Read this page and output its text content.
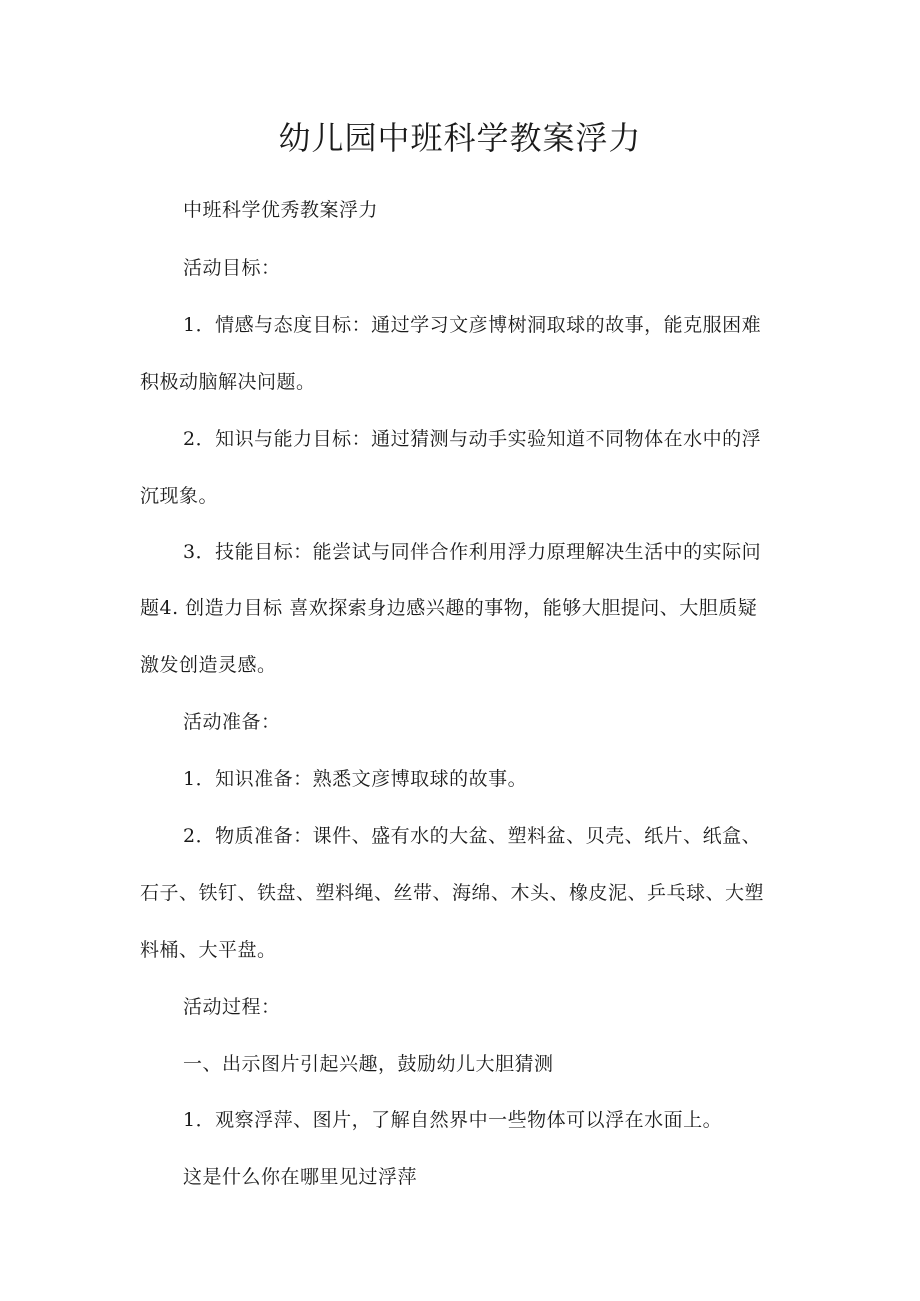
幼儿园中班科学教案浮力

中班科学优秀教案浮力

活动目标：

1．情感与态度目标：通过学习文彦博树洞取球的故事，能克服困难

积极动脑解决问题。

2．知识与能力目标：通过猜测与动手实验知道不同物体在水中的浮

沉现象。

3．技能目标：能尝试与同伴合作利用浮力原理解决生活中的实际问

题4. 创造力目标 喜欢探索身边感兴趣的事物，能够大胆提问、大胆质疑

激发创造灵感。

活动准备：

1．知识准备：熟悉文彦博取球的故事。

2．物质准备：课件、盛有水的大盆、塑料盆、贝壳、纸片、纸盒、

石子、铁钉、铁盘、塑料绳、丝带、海绵、木头、橡皮泥、乒乓球、大塑

料桶、大平盘。

活动过程：

一、出示图片引起兴趣，鼓励幼儿大胆猜测

1．观察浮萍、图片，了解自然界中一些物体可以浮在水面上。

这是什么你在哪里见过浮萍
